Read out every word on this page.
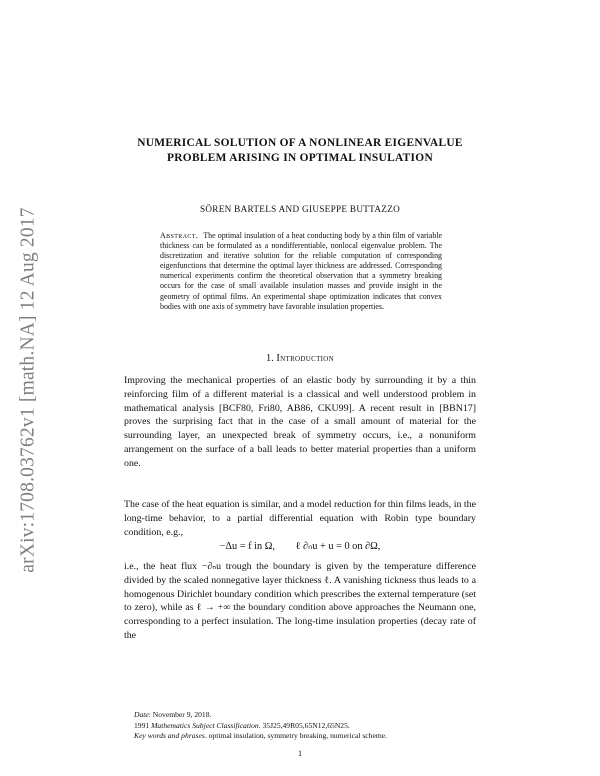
arXiv:1708.03762v1 [math.NA] 12 Aug 2017
NUMERICAL SOLUTION OF A NONLINEAR EIGENVALUE PROBLEM ARISING IN OPTIMAL INSULATION
SÖREN BARTELS AND GIUSEPPE BUTTAZZO
Abstract. The optimal insulation of a heat conducting body by a thin film of variable thickness can be formulated as a nondifferentiable, nonlocal eigenvalue problem. The discretization and iterative solution for the reliable computation of corresponding eigenfunctions that determine the optimal layer thickness are addressed. Corresponding numerical experiments confirm the theoretical observation that a symmetry breaking occurs for the case of small available insulation masses and provide insight in the geometry of optimal films. An experimental shape optimization indicates that convex bodies with one axis of symmetry have favorable insulation properties.
1. Introduction
Improving the mechanical properties of an elastic body by surrounding it by a thin reinforcing film of a different material is a classical and well understood problem in mathematical analysis [BCF80, Fri80, AB86, CKU99]. A recent result in [BBN17] proves the surprising fact that in the case of a small amount of material for the surrounding layer, an unexpected break of symmetry occurs, i.e., a nonuniform arrangement on the surface of a ball leads to better material properties than a uniform one.
The case of the heat equation is similar, and a model reduction for thin films leads, in the long-time behavior, to a partial differential equation with Robin type boundary condition, e.g.,
−Δu = f in Ω,        ℓ ∂ₙu + u = 0 on ∂Ω,
i.e., the heat flux −∂ₙu trough the boundary is given by the temperature difference divided by the scaled nonnegative layer thickness ℓ. A vanishing tickness thus leads to a homogenous Dirichlet boundary condition which prescribes the external temperature (set to zero), while as ℓ → +∞ the boundary condition above approaches the Neumann one, corresponding to a perfect insulation. The long-time insulation properties (decay rate of the
Date: November 9, 2018.
1991 Mathematics Subject Classification. 35J25,49R05,65N12,65N25.
Key words and phrases. optimal insulation, symmetry breaking, numerical scheme.
1
